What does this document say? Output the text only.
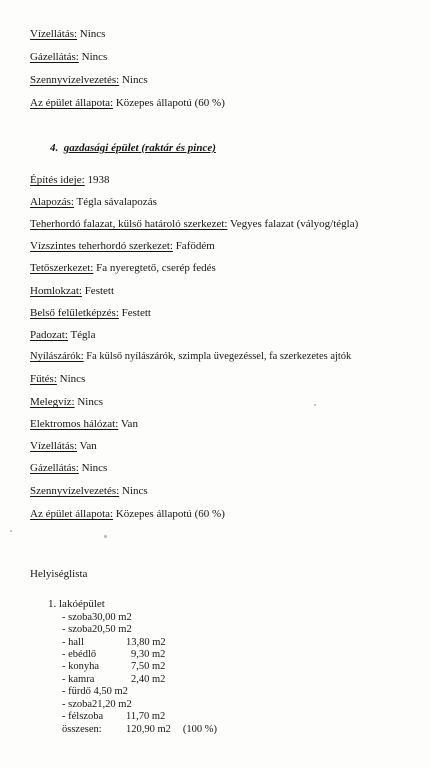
Vízellátás: Nincs
Gázellátás: Nincs
Szennyvízelvezetés: Nincs
Az épület állapota: Közepes állapotú (60 %)
4. gazdasági épület (raktár és pince)
Építés ideje: 1938
Alapozás: Tégla sávalapozás
Teherhordó falazat, külső határoló szerkezet: Vegyes falazat (vályog/tégla)
Vízszintes teherhordó szerkezet: Fafödém
Tetőszerkezet: Fa nyeregtető, cserép fedés
Homlokzat: Festett
Belső felületképzés: Festett
Padozat: Tégla
Nyílászárók: Fa külső nyílászárók, szimpla üvegezéssel, fa szerkezetes ajtók
Fűtés: Nincs
Melegvíz: Nincs
Elektromos hálózat: Van
Vízellátás: Van
Gázellátás: Nincs
Szennyvízelvezetés: Nincs
Az épület állapota: Közepes állapotú (60 %)
Helyiséglista
1. lakóépület
- szoba30,00 m2
- szoba20,50 m2
- hall	13,80 m2
- ebédlő	9,30 m2
- konyha	7,50 m2
- kamra	2,40 m2
- fürdő 4,50 m2
- szoba21,20 m2
- félszoba 11,70 m2
összesen: 120,90 m2 (100 %)
